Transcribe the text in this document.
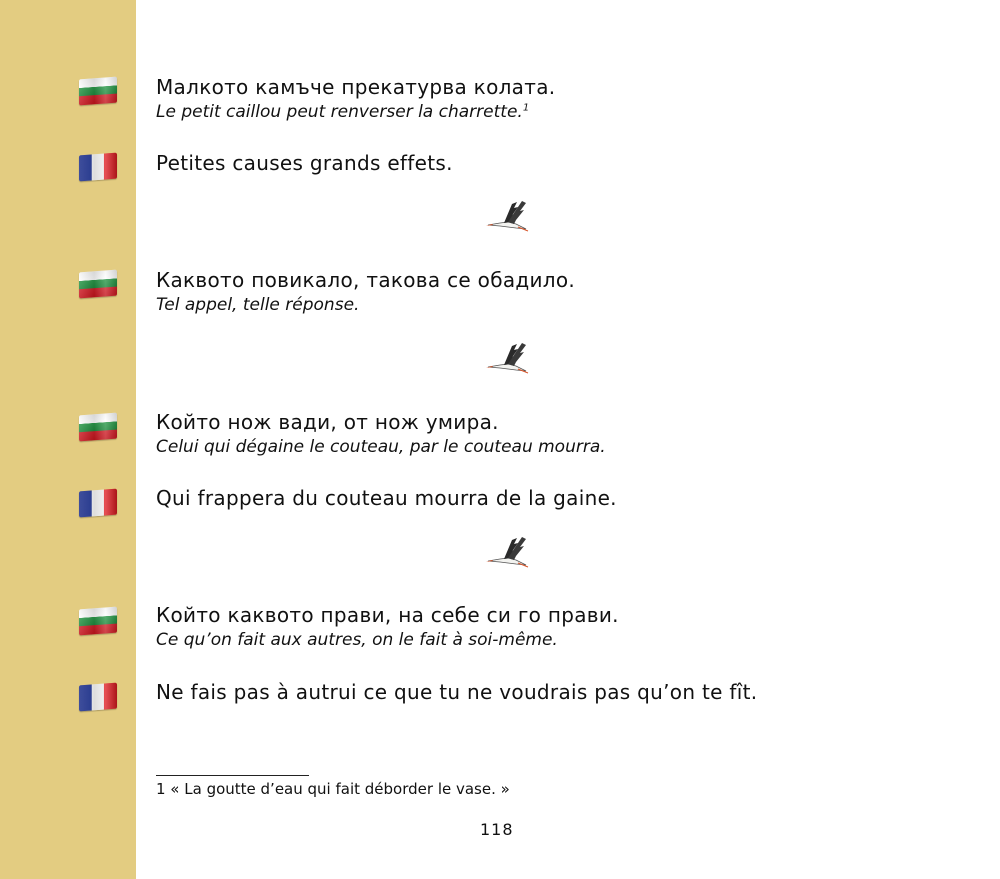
Малкото камъче прекатурва колата.
Le petit caillou peut renverser la charrette.$^1$
Petites causes grands effets.
Каквото повикало, такова се обадило.
Tel appel, telle réponse.
Който нож вади, от нож умира.
Celui qui dégaine le couteau, par le couteau mourra.
Qui frappera du couteau mourra de la gaine.
Който каквото прави, на себе си го прави.
Ce qu’on fait aux autres, on le fait à soi-même.
Ne fais pas à autrui ce que tu ne voudrais pas qu’on te fît.
1 « La goutte d’eau qui fait déborder le vase. »
118
